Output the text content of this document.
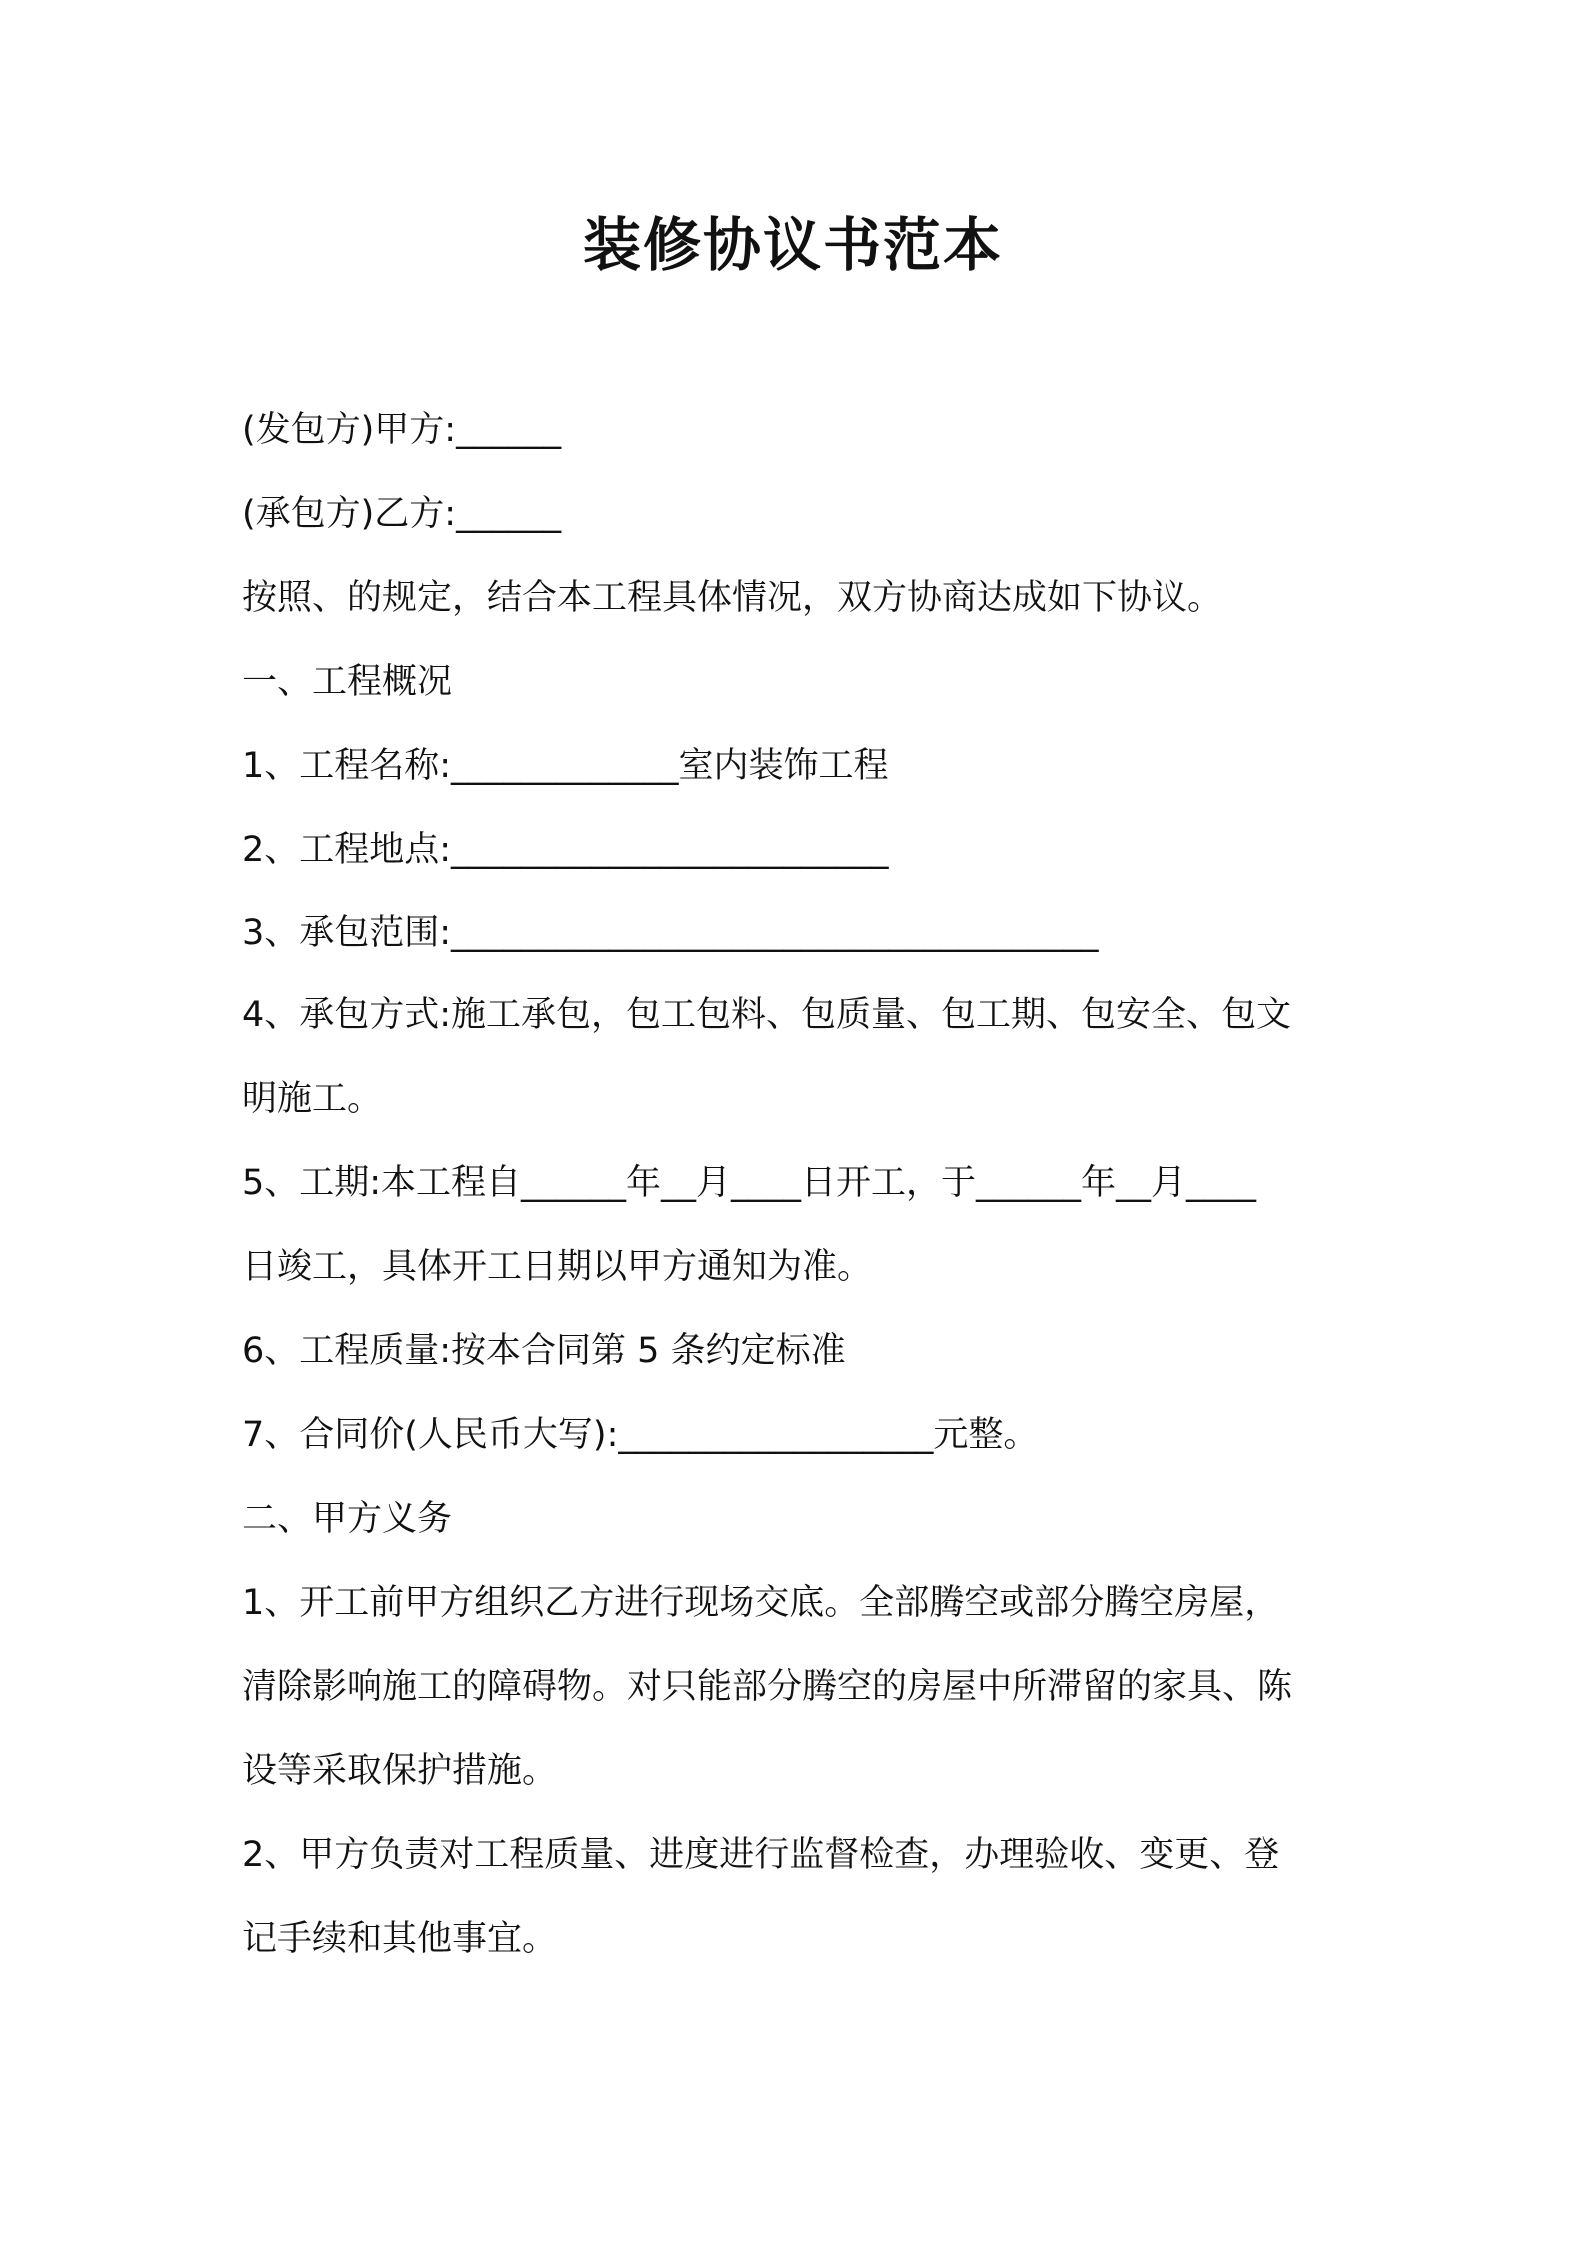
装修协议书范本
(发包方)甲方:______
(承包方)乙方:______
按照、的规定，结合本工程具体情况，双方协商达成如下协议。
一、工程概况
1、工程名称:_____________室内装饰工程
2、工程地点:_________________________
3、承包范围:_____________________________________
4、承包方式:施工承包，包工包料、包质量、包工期、包安全、包文
明施工。
5、工期:本工程自______年__月____日开工，于______年__月____
日竣工，具体开工日期以甲方通知为准。
6、工程质量:按本合同第 5 条约定标准
7、合同价(人民币大写):__________________元整。
二、甲方义务
1、开工前甲方组织乙方进行现场交底。全部腾空或部分腾空房屋，
清除影响施工的障碍物。对只能部分腾空的房屋中所滞留的家具、陈
设等采取保护措施。
2、甲方负责对工程质量、进度进行监督检查，办理验收、变更、登
记手续和其他事宜。
